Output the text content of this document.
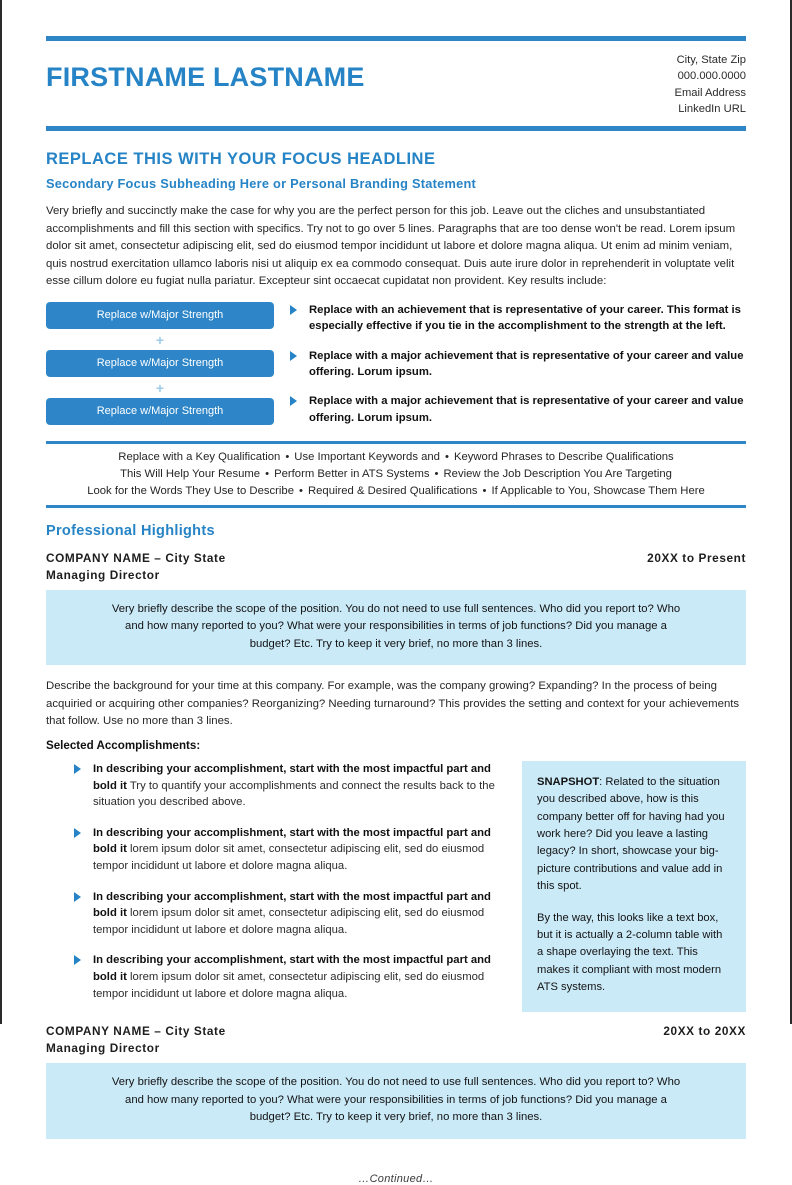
FIRSTNAME LASTNAME
City, State Zip
000.000.0000
Email Address
LinkedIn URL
REPLACE THIS WITH YOUR FOCUS HEADLINE
Secondary Focus Subheading Here or Personal Branding Statement
Very briefly and succinctly make the case for why you are the perfect person for this job. Leave out the cliches and unsubstantiated accomplishments and fill this section with specifics. Try not to go over 5 lines. Paragraphs that are too dense won't be read. Lorem ipsum dolor sit amet, consectetur adipiscing elit, sed do eiusmod tempor incididunt ut labore et dolore magna aliqua. Ut enim ad minim veniam, quis nostrud exercitation ullamco laboris nisi ut aliquip ex ea commodo consequat. Duis aute irure dolor in reprehenderit in voluptate velit esse cillum dolore eu fugiat nulla pariatur. Excepteur sint occaecat cupidatat non provident. Key results include:
Replace w/Major Strength
+
Replace w/Major Strength
+
Replace w/Major Strength
Replace with an achievement that is representative of your career. This format is especially effective if you tie in the accomplishment to the strength at the left.
Replace with a major achievement that is representative of your career and value offering. Lorum ipsum.
Replace with a major achievement that is representative of your career and value offering. Lorum ipsum.
Replace with a Key Qualification • Use Important Keywords and • Keyword Phrases to Describe Qualifications
This Will Help Your Resume • Perform Better in ATS Systems • Review the Job Description You Are Targeting
Look for the Words They Use to Describe • Required & Desired Qualifications • If Applicable to You, Showcase Them Here
Professional Highlights
COMPANY NAME – City State	20XX to Present
Managing Director
Very briefly describe the scope of the position. You do not need to use full sentences. Who did you report to? Who and how many reported to you? What were your responsibilities in terms of job functions? Did you manage a budget? Etc. Try to keep it very brief, no more than 3 lines.
Describe the background for your time at this company. For example, was the company growing? Expanding? In the process of being acquiried or acquiring other companies? Reorganizing? Needing turnaround? This provides the setting and context for your achievements that follow. Use no more than 3 lines.
Selected Accomplishments:
In describing your accomplishment, start with the most impactful part and bold it Try to quantify your accomplishments and connect the results back to the situation you described above.
In describing your accomplishment, start with the most impactful part and bold it lorem ipsum dolor sit amet, consectetur adipiscing elit, sed do eiusmod tempor incididunt ut labore et dolore magna aliqua.
In describing your accomplishment, start with the most impactful part and bold it lorem ipsum dolor sit amet, consectetur adipiscing elit, sed do eiusmod tempor incididunt ut labore et dolore magna aliqua.
In describing your accomplishment, start with the most impactful part and bold it lorem ipsum dolor sit amet, consectetur adipiscing elit, sed do eiusmod tempor incididunt ut labore et dolore magna aliqua.

SNAPSHOT: Related to the situation you described above, how is this company better off for having had you work here? Did you leave a lasting legacy? In short, showcase your big-picture contributions and value add in this spot.

By the way, this looks like a text box, but it is actually a 2-column table with a shape overlaying the text. This makes it compliant with most modern ATS systems.

COMPANY NAME – City State	20XX to 20XX
Managing Director
Very briefly describe the scope of the position. You do not need to use full sentences. Who did you report to? Who and how many reported to you? What were your responsibilities in terms of job functions? Did you manage a budget? Etc. Try to keep it very brief, no more than 3 lines.
…Continued…
